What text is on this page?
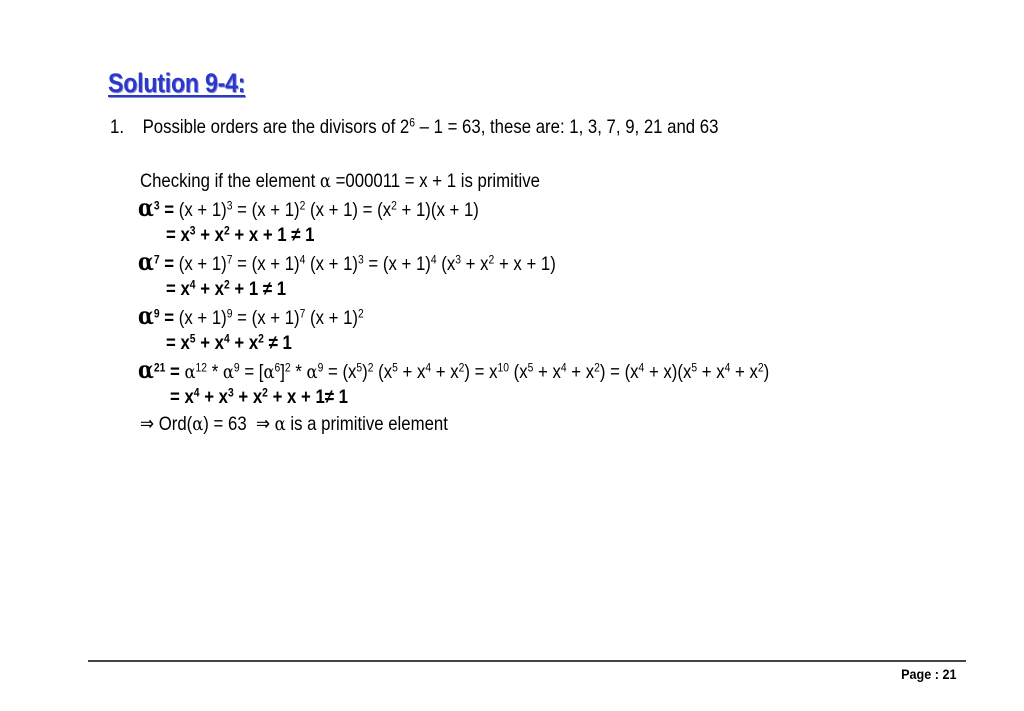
Solution 9-4:
1. Possible orders are the divisors of $2^6 - 1 = 63$, these are: 1, 3, 7, 9, 21 and 63
Checking if the element α =000011 = x + 1 is primitive
$\alpha^3 = (x + 1)^3 = (x + 1)^2$ $(x + 1) = (x^2 + 1)(x + 1)$
= $x^3 + x^2 + x + 1 \ne 1$
$\alpha^7 = (x + 1)^7 = (x + 1)^4$ $(x + 1)^3 = (x + 1)^4$ $(x^3 + x^2 + x + 1)$
= $x^4 + x^2 + 1 \ne 1$
$\alpha^9 = (x + 1)^9 = (x + 1)^7$ $(x + 1)^2$
= $x^5 + x^4 + x^2 \ne 1$
$\alpha^{21} = \alpha^{12} * \alpha^9 = [\alpha^6]^2 * \alpha^9 = (x^5)^2$ $(x^5 + x^4 + x^2) = x^{10}$ $(x^5 + x^4 + x^2) = (x^4 + x)(x^5 + x^4 + x^2)$
= $x^4 + x^3 + x^2 + x + 1\ne 1$
⇒ Ord(α) = 63  ⇒ α is a primitive element
Page : 21
